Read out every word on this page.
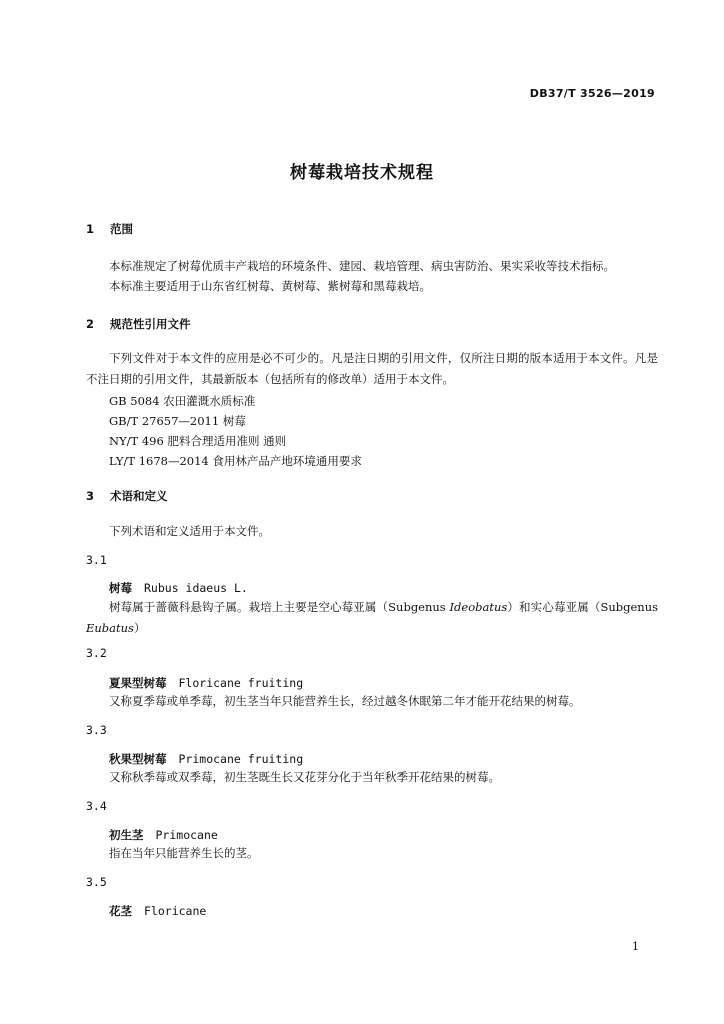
DB37/T 3526—2019
树莓栽培技术规程
1 范围
本标准规定了树莓优质丰产栽培的环境条件、建园、栽培管理、病虫害防治、果实采收等技术指标。
本标准主要适用于山东省红树莓、黄树莓、紫树莓和黑莓栽培。
2 规范性引用文件
下列文件对于本文件的应用是必不可少的。凡是注日期的引用文件，仅所注日期的版本适用于本文件。凡是不注日期的引用文件，其最新版本（包括所有的修改单）适用于本文件。
GB 5084 农田灌溉水质标准
GB/T 27657—2011 树莓
NY/T 496 肥料合理适用准则 通则
LY/T 1678—2014 食用林产品产地环境通用要求
3 术语和定义
下列术语和定义适用于本文件。
3.1
树莓 Rubus idaeus L.
树莓属于蔷薇科悬钩子属。栽培上主要是空心莓亚属（Subgenus Ideobatus）和实心莓亚属（Subgenus Eubatus）
3.2
夏果型树莓 Floricane fruiting
又称夏季莓或单季莓，初生茎当年只能营养生长，经过越冬休眠第二年才能开花结果的树莓。
3.3
秋果型树莓 Primocane fruiting
又称秋季莓或双季莓，初生茎既生长又花芽分化于当年秋季开花结果的树莓。
3.4
初生茎 Primocane
指在当年只能营养生长的茎。
3.5
花茎 Floricane
1
